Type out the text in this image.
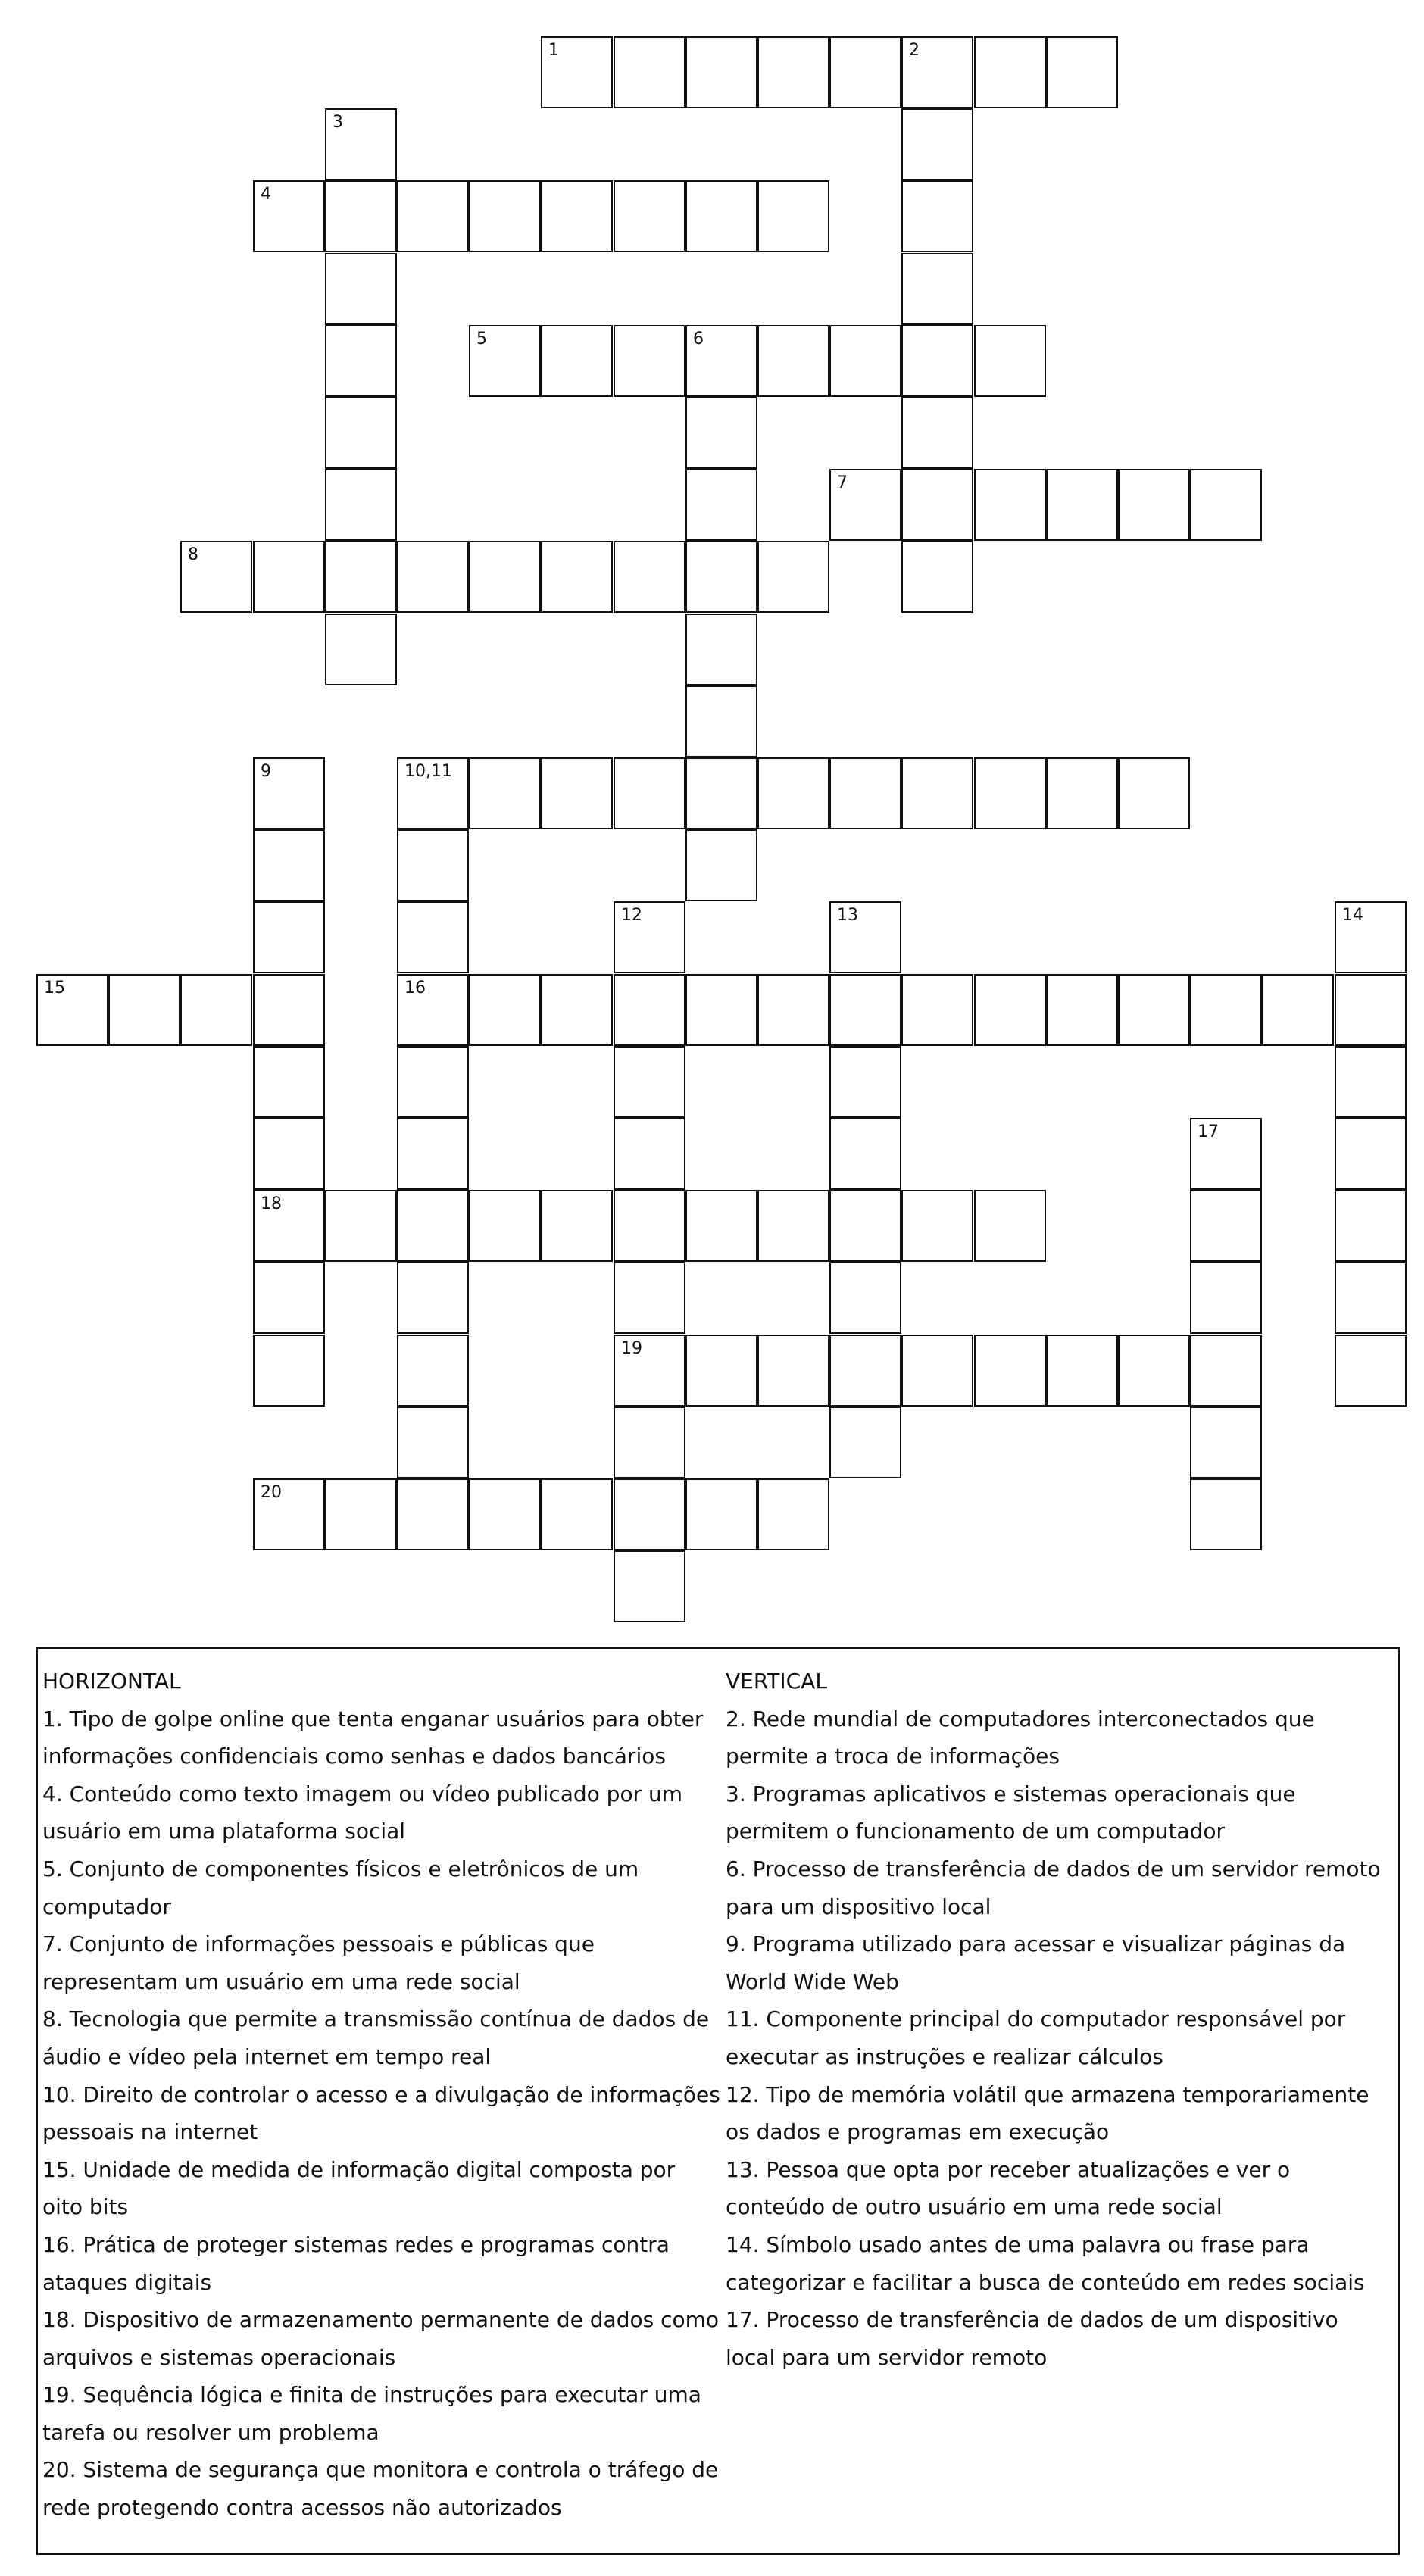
1	2
3
4
5	6
7
8
9
18
10,11
16
12
19
13	14
15
17
20
HORIZONTAL
1. Tipo de golpe online que tenta enganar usuários para obter informações confidenciais como senhas e dados bancários
4. Conteúdo como texto imagem ou vídeo publicado por um usuário em uma plataforma social
5. Conjunto de componentes físicos e eletrônicos de um computador
7. Conjunto de informações pessoais e públicas que representam um usuário em uma rede social
8. Tecnologia que permite a transmissão contínua de dados de áudio e vídeo pela internet em tempo real
10. Direito de controlar o acesso e a divulgação de informações pessoais na internet
15. Unidade de medida de informação digital composta por oito bits
16. Prática de proteger sistemas redes e programas contra ataques digitais
18. Dispositivo de armazenamento permanente de dados como arquivos e sistemas operacionais
19. Sequência lógica e finita de instruções para executar uma tarefa ou resolver um problema
20. Sistema de segurança que monitora e controla o tráfego de rede protegendo contra acessos não autorizados
VERTICAL
2. Rede mundial de computadores interconectados que permite a troca de informações
3. Programas aplicativos e sistemas operacionais que permitem o funcionamento de um computador
6. Processo de transferência de dados de um servidor remoto para um dispositivo local
9. Programa utilizado para acessar e visualizar páginas da World Wide Web
11. Componente principal do computador responsável por executar as instruções e realizar cálculos
12. Tipo de memória volátil que armazena temporariamente os dados e programas em execução
13. Pessoa que opta por receber atualizações e ver o conteúdo de outro usuário em uma rede social
14. Símbolo usado antes de uma palavra ou frase para categorizar e facilitar a busca de conteúdo em redes sociais
17. Processo de transferência de dados de um dispositivo local para um servidor remoto
